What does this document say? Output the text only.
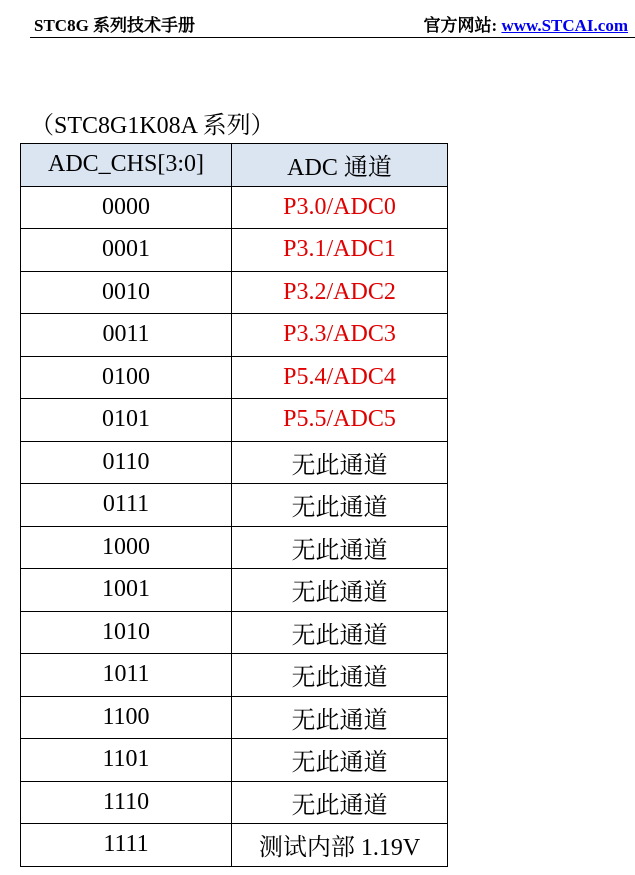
STC8G 系列技术手册	官方网站: www.STCAI.com
（STC8G1K08A 系列）
ADC_CHS[3:0]	ADC 通道
0000	P3.0/ADC0
0001	P3.1/ADC1
0010	P3.2/ADC2
0011	P3.3/ADC3
0100	P5.4/ADC4
0101	P5.5/ADC5
0110	无此通道
0111	无此通道
1000	无此通道
1001	无此通道
1010	无此通道
1011	无此通道
1100	无此通道
1101	无此通道
1110	无此通道
1111	测试内部 1.19V
